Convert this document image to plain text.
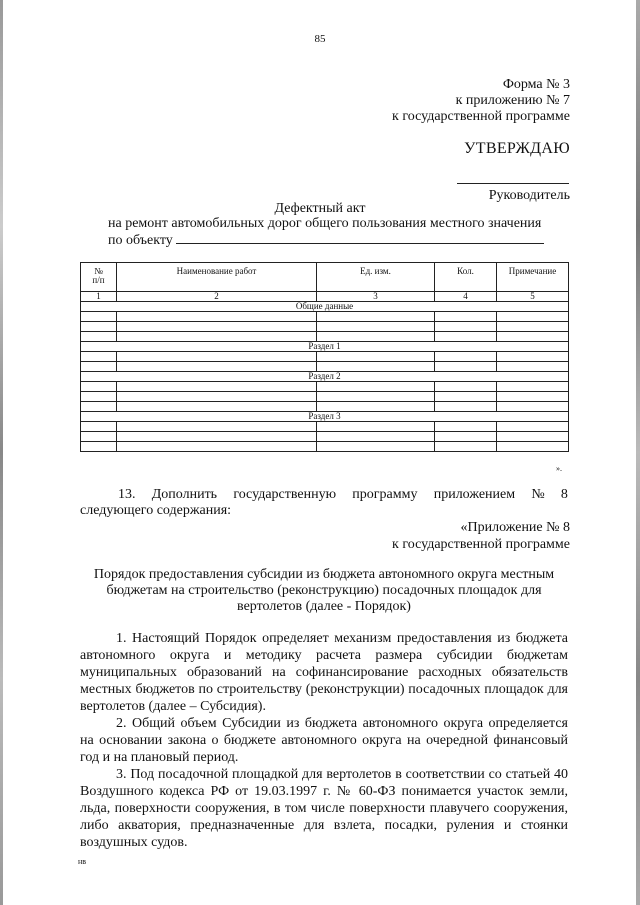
85
Форма № 3
к приложению № 7
к государственной программе
УТВЕРЖДАЮ
Руководитель
Дефектный акт
на ремонт автомобильных дорог общего пользования местного значения
по объекту
№
п/п	Наименование работ	Ед. изм.	Кол.	Примечание
1	2	3	4	5
Общие данные				

Раздел 1				

Раздел 2				

Раздел 3				

».
13. Дополнить государственную программу приложением № 8
следующего содержания:
«Приложение № 8
к государственной программе
Порядок предоставления субсидии из бюджета автономного округа местным
бюджетам на строительство (реконструкцию) посадочных площадок для
вертолетов (далее - Порядок)
1. Настоящий Порядок определяет механизм предоставления из бюджета автономного округа и методику расчета размера субсидии бюджетам муниципальных образований на софинансирование расходных обязательств местных бюджетов по строительству (реконструкции) посадочных площадок для вертолетов (далее – Субсидия).
2. Общий объем Субсидии из бюджета автономного округа определяется на основании закона о бюджете автономного округа на очередной финансовый год и на плановый период.
3. Под посадочной площадкой для вертолетов в соответствии со статьей 40 Воздушного кодекса РФ от 19.03.1997 г. № 60-ФЗ понимается участок земли, льда, поверхности сооружения, в том числе поверхности плавучего сооружения, либо акватория, предназначенные для взлета, посадки, руления и стоянки воздушных судов.
нв
